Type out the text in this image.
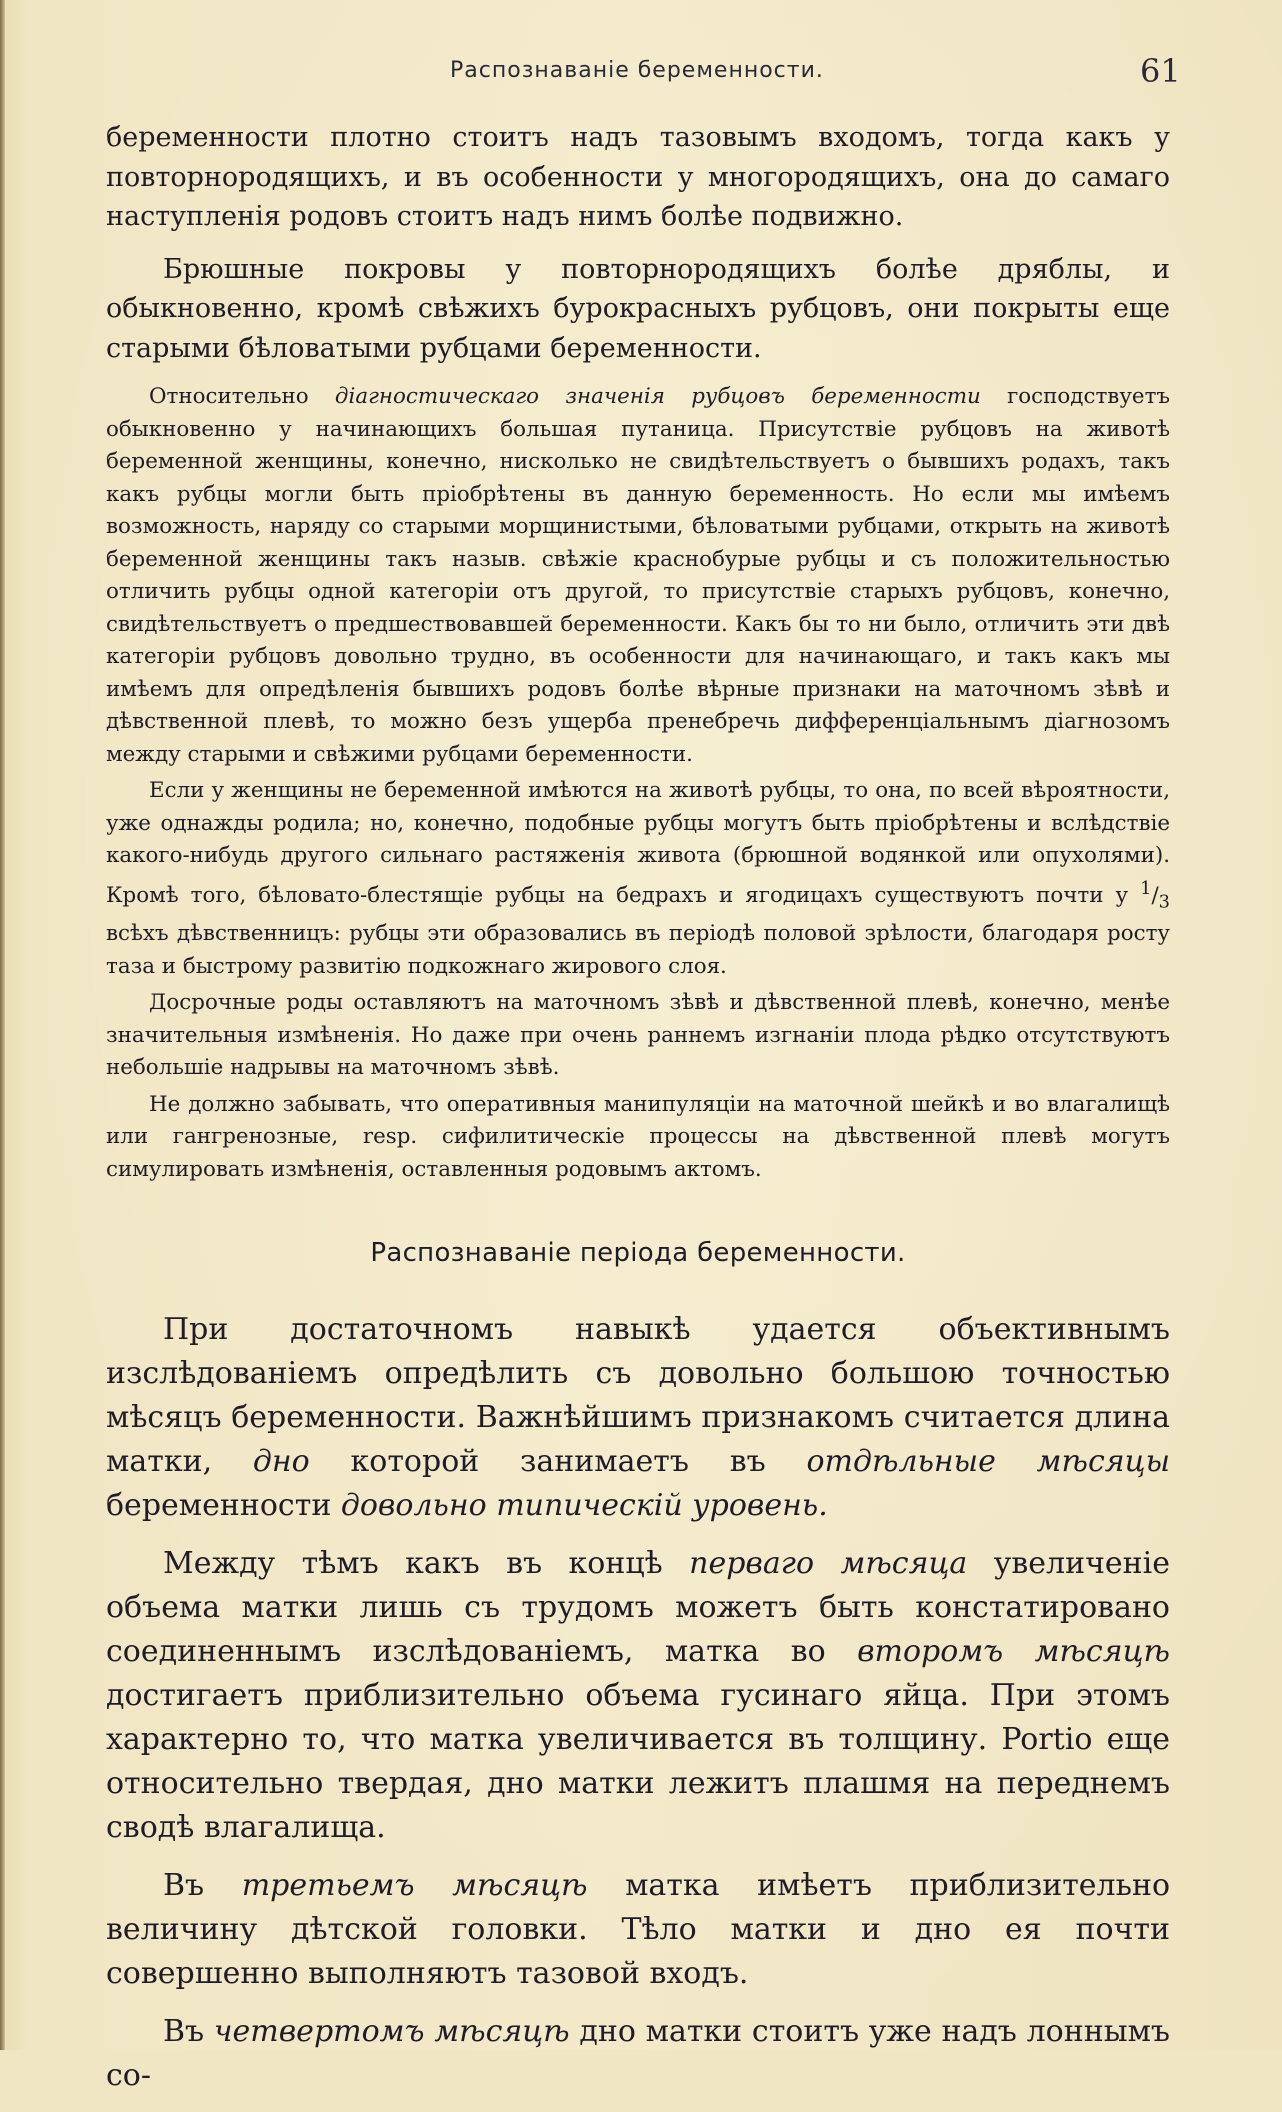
Распознаваніе беременности.	61

беременности плотно стоитъ надъ тазовымъ входомъ, тогда какъ у повторнородящихъ, и въ особенности у многородящихъ, она до самаго наступленія родовъ стоитъ надъ нимъ болѣе подвижно.

Брюшные покровы у повторнородящихъ болѣе дряблы, и обыкновенно, кромѣ свѣжихъ бурокрасныхъ рубцовъ, они покрыты еще старыми бѣловатыми рубцами беременности.

Относительно діагностическаго значенія рубцовъ беременности господствуетъ обыкновенно у начинающихъ большая путаница. Присутствіе рубцовъ на животѣ беременной женщины, конечно, нисколько не свидѣтельствуетъ о бывшихъ родахъ, такъ какъ рубцы могли быть пріобрѣтены въ данную беременность. Но если мы имѣемъ возможность, наряду со старыми морщинистыми, бѣловатыми рубцами, открыть на животѣ беременной женщины такъ назыв. свѣжіе краснобурые рубцы и съ положительностью отличить рубцы одной категоріи отъ другой, то присутствіе старыхъ рубцовъ, конечно, свидѣтельствуетъ о предшествовавшей беременности. Какъ бы то ни было, отличить эти двѣ категоріи рубцовъ довольно трудно, въ особенности для начинающаго, и такъ какъ мы имѣемъ для опредѣленія бывшихъ родовъ болѣе вѣрные признаки на маточномъ зѣвѣ и дѣвственной плевѣ, то можно безъ ущерба пренебречь дифференціальнымъ діагнозомъ между старыми и свѣжими рубцами беременности.

Если у женщины не беременной имѣются на животѣ рубцы, то она, по всей вѣроятности, уже однажды родила; но, конечно, подобные рубцы могутъ быть пріобрѣтены и вслѣдствіе какого-нибудь другого сильнаго растяженія живота (брюшной водянкой или опухолями). Кромѣ того, бѣловато-блестящіе рубцы на бедрахъ и ягодицахъ существуютъ почти у $^1/_3$ всѣхъ дѣвственницъ: рубцы эти образовались въ періодѣ половой зрѣлости, благодаря росту таза и быстрому развитію подкожнаго жирового слоя.

Досрочные роды оставляютъ на маточномъ зѣвѣ и дѣвственной плевѣ, конечно, менѣе значительныя измѣненія. Но даже при очень раннемъ изгнаніи плода рѣдко отсутствуютъ небольшіе надрывы на маточномъ зѣвѣ.

Не должно забывать, что оперативныя манипуляціи на маточной шейкѣ и во влагалищѣ или гангренозные, resp. сифилитическіе процессы на дѣвственной плевѣ могутъ симулировать измѣненія, оставленныя родовымъ актомъ.

Распознаваніе періода беременности.

При достаточномъ навыкѣ удается объективнымъ изслѣдованіемъ опредѣлить съ довольно большою точностью мѣсяцъ беременности. Важнѣйшимъ признакомъ считается длина матки, дно которой занимаетъ въ отдѣльные мѣсяцы беременности довольно типическій уровень.

Между тѣмъ какъ въ концѣ перваго мѣсяца увеличеніе объема матки лишь съ трудомъ можетъ быть констатировано соединеннымъ изслѣдованіемъ, матка во второмъ мѣсяцѣ достигаетъ приблизительно объема гусинаго яйца. При этомъ характерно то, что матка увеличивается въ толщину. Portio еще относительно твердая, дно матки лежитъ плашмя на переднемъ сводѣ влагалища.

Въ третьемъ мѣсяцѣ матка имѣетъ приблизительно величину дѣтской головки. Тѣло матки и дно ея почти совершенно выполняютъ тазовой входъ.

Въ четвертомъ мѣсяцѣ дно матки стоитъ уже надъ лоннымъ со-
